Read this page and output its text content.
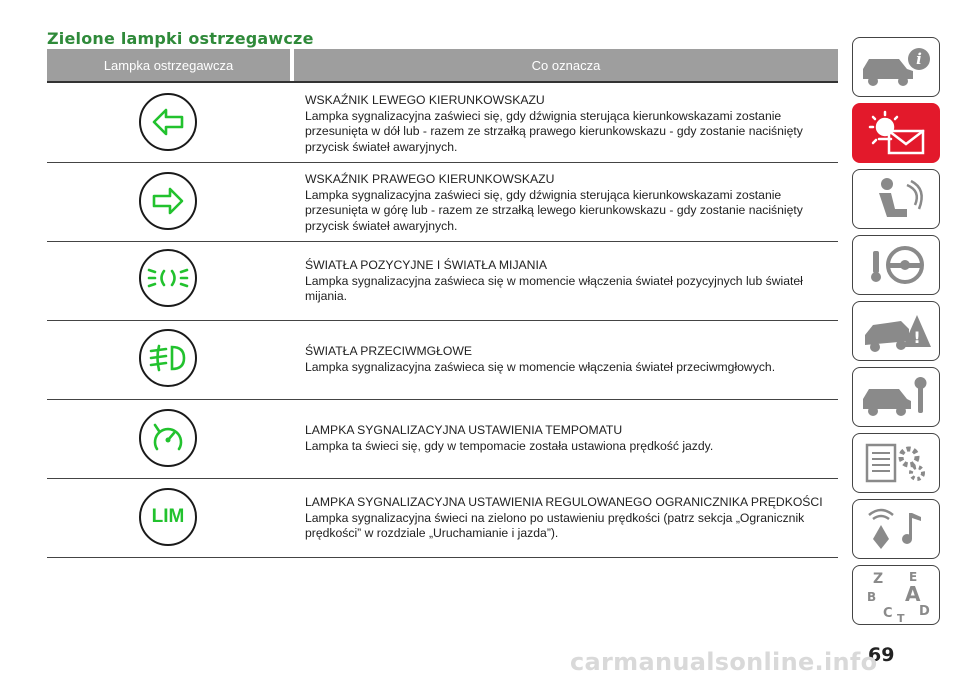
Zielone lampki ostrzegawcze
Lampka ostrzegawcza	Co oznacza
WSKAŹNIK LEWEGO KIERUNKOWSKAZU
Lampka sygnalizacyjna zaświeci się, gdy dźwignia sterująca kierunkowskazami zostanie
przesunięta w dół lub - razem ze strzałką prawego kierunkowskazu - gdy zostanie naciśnięty
przycisk świateł awaryjnych.
WSKAŹNIK PRAWEGO KIERUNKOWSKAZU
Lampka sygnalizacyjna zaświeci się, gdy dźwignia sterująca kierunkowskazami zostanie
przesunięta w górę lub - razem ze strzałką lewego kierunkowskazu - gdy zostanie naciśnięty
przycisk świateł awaryjnych.
ŚWIATŁA POZYCYJNE I ŚWIATŁA MIJANIA
Lampka sygnalizacyjna zaświeca się w momencie włączenia świateł pozycyjnych lub świateł
mijania.
ŚWIATŁA PRZECIWMGŁOWE
Lampka sygnalizacyjna zaświeca się w momencie włączenia świateł przeciwmgłowych.
LAMPKA SYGNALIZACYJNA USTAWIENIA TEMPOMATU
Lampka ta świeci się, gdy w tempomacie została ustawiona prędkość jazdy.
LIM
LAMPKA SYGNALIZACYJNA USTAWIENIA REGULOWANEGO OGRANICZNIKA PRĘDKOŚCI
Lampka sygnalizacyjna świeci na zielono po ustawieniu prędkości (patrz sekcja „Ogranicznik
prędkości” w rozdziale „Uruchamianie i jazda”).
i
!
Z E
B A
C D
T
69
carmanualsonline.info
